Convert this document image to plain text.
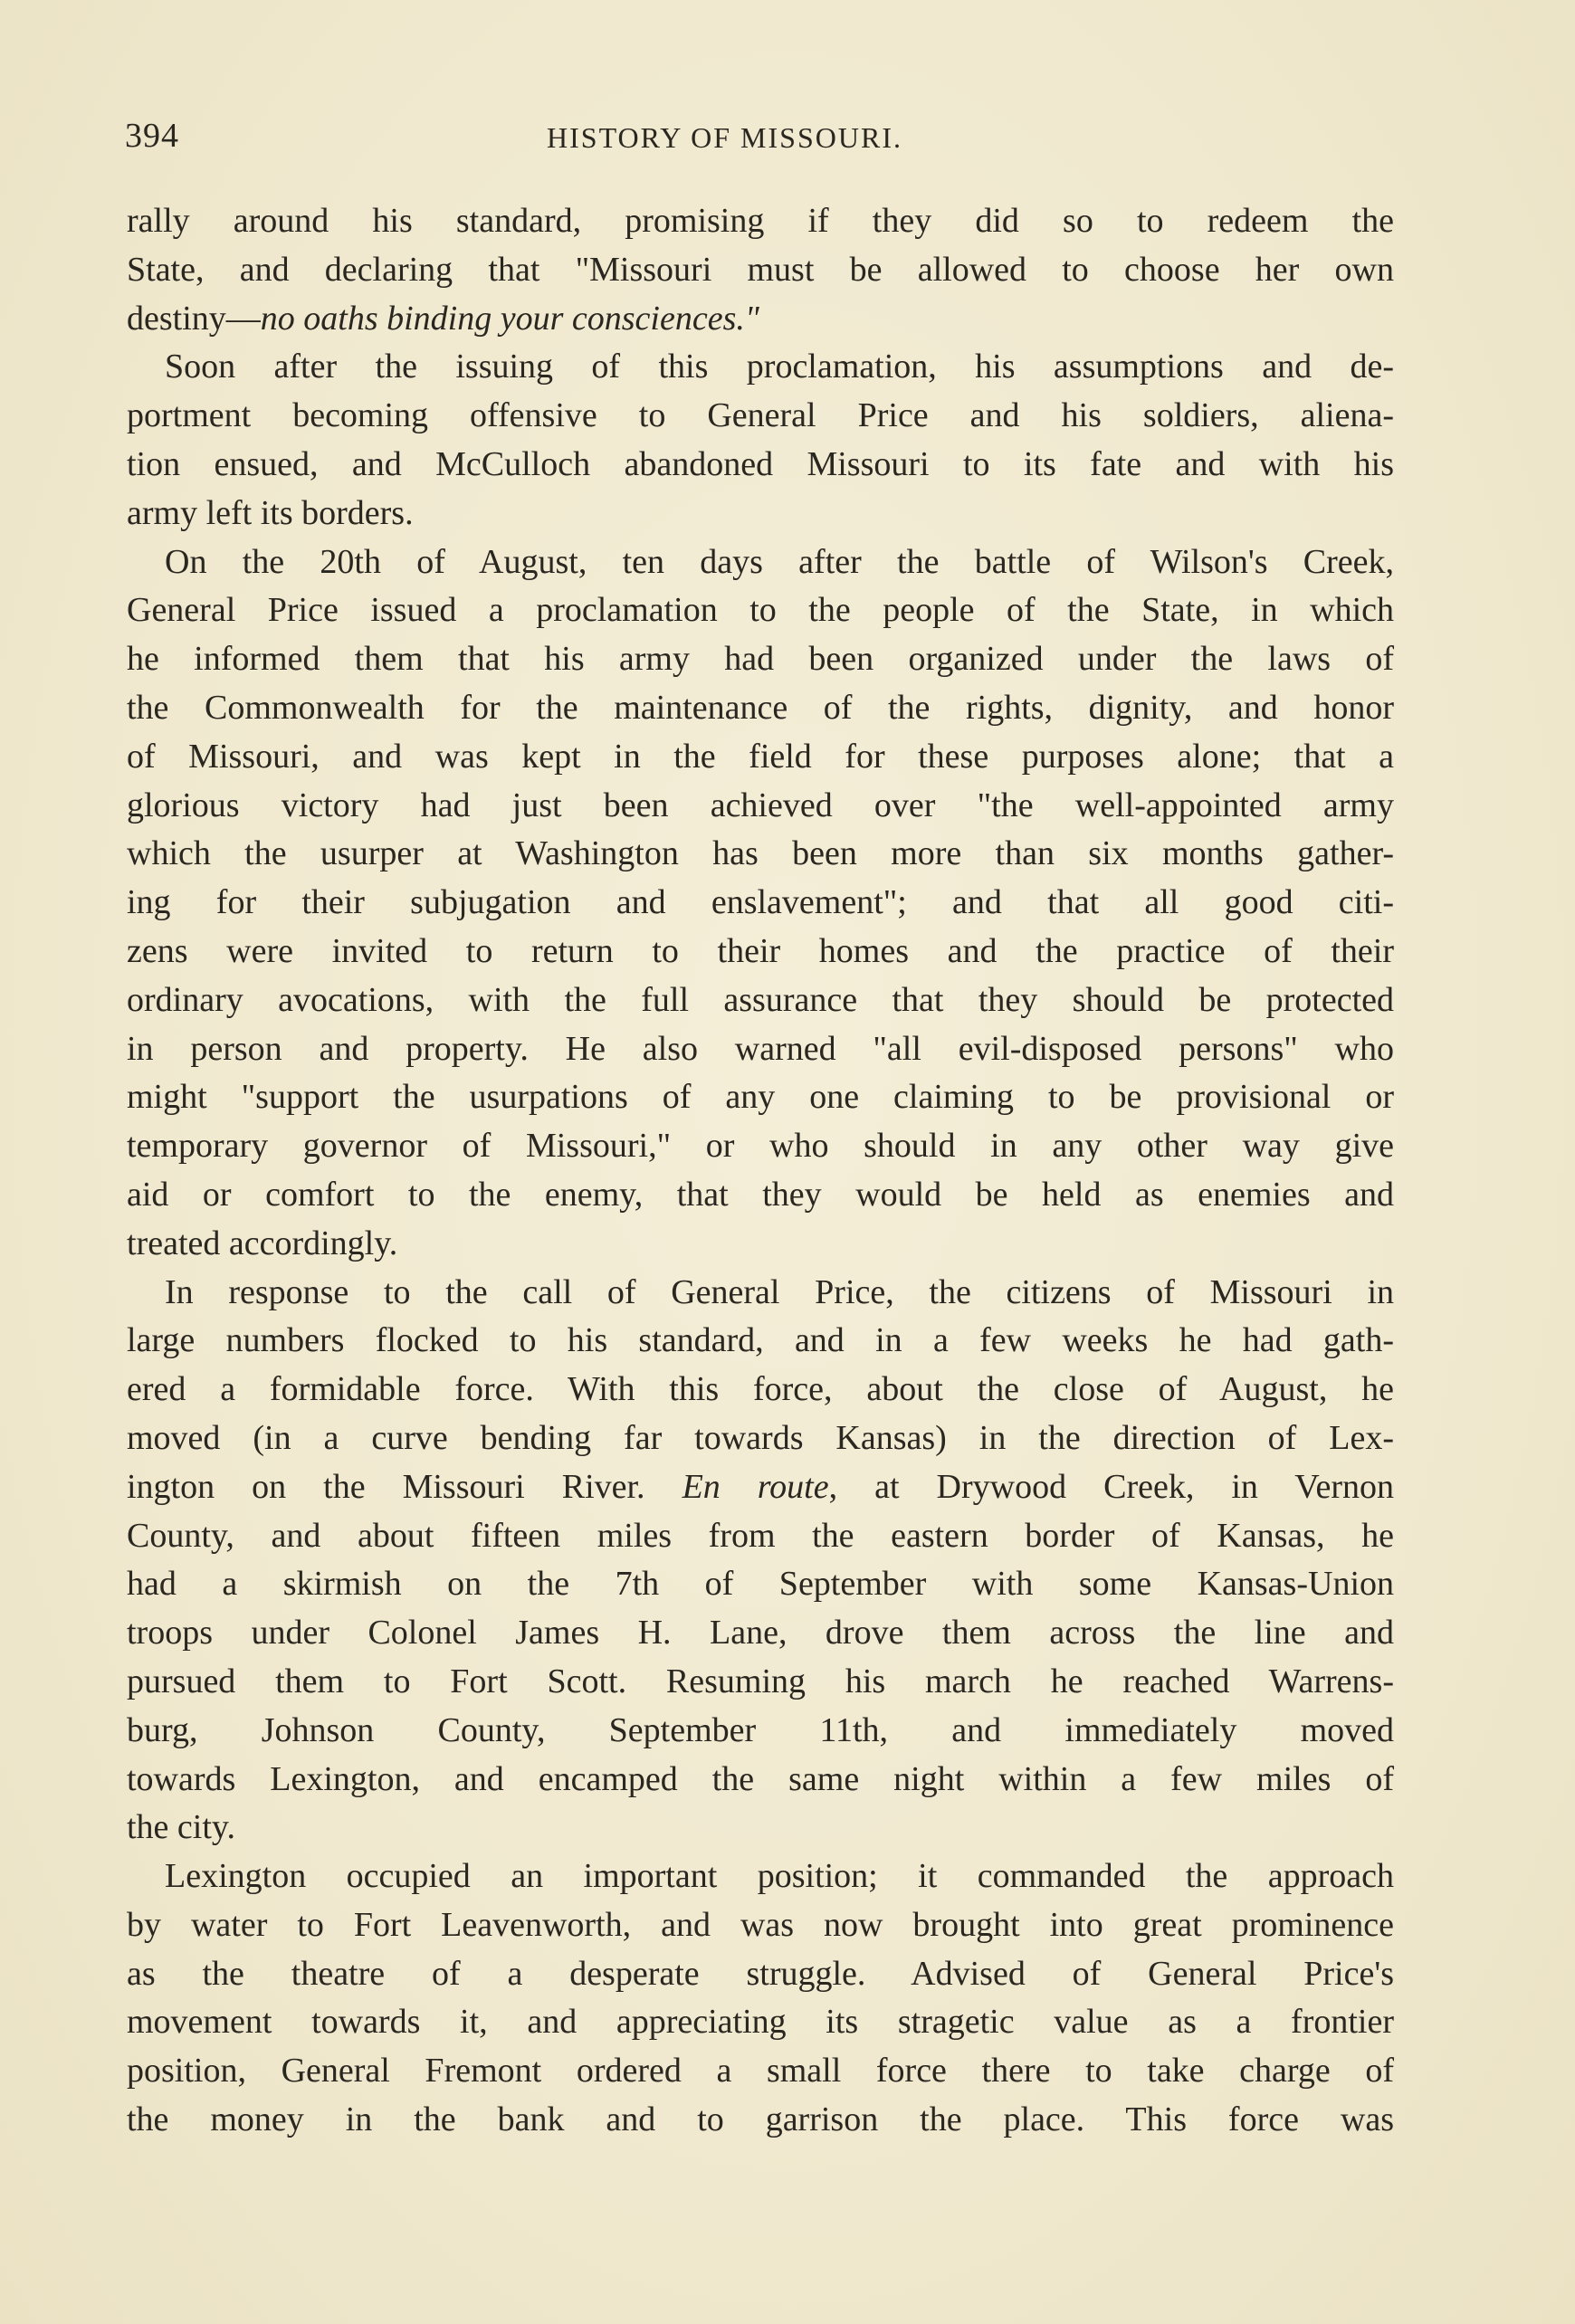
394	HISTORY OF MISSOURI.
rally around his standard, promising if they did so to redeem the
State, and declaring that "Missouri must be allowed to choose her own
destiny—no oaths binding your consciences."
Soon after the issuing of this proclamation, his assumptions and de-
portment becoming offensive to General Price and his soldiers, aliena-
tion ensued, and McCulloch abandoned Missouri to its fate and with his
army left its borders.
On the 20th of August, ten days after the battle of Wilson's Creek,
General Price issued a proclamation to the people of the State, in which
he informed them that his army had been organized under the laws of
the Commonwealth for the maintenance of the rights, dignity, and honor
of Missouri, and was kept in the field for these purposes alone; that a
glorious victory had just been achieved over "the well-appointed army
which the usurper at Washington has been more than six months gather-
ing for their subjugation and enslavement"; and that all good citi-
zens were invited to return to their homes and the practice of their
ordinary avocations, with the full assurance that they should be protected
in person and property. He also warned "all evil-disposed persons" who
might "support the usurpations of any one claiming to be provisional or
temporary governor of Missouri," or who should in any other way give
aid or comfort to the enemy, that they would be held as enemies and
treated accordingly.
In response to the call of General Price, the citizens of Missouri in
large numbers flocked to his standard, and in a few weeks he had gath-
ered a formidable force. With this force, about the close of August, he
moved (in a curve bending far towards Kansas) in the direction of Lex-
ington on the Missouri River. En route, at Drywood Creek, in Vernon
County, and about fifteen miles from the eastern border of Kansas, he
had a skirmish on the 7th of September with some Kansas-Union
troops under Colonel James H. Lane, drove them across the line and
pursued them to Fort Scott. Resuming his march he reached Warrens-
burg, Johnson County, September 11th, and immediately moved
towards Lexington, and encamped the same night within a few miles of
the city.
Lexington occupied an important position; it commanded the approach
by water to Fort Leavenworth, and was now brought into great prominence
as the theatre of a desperate struggle. Advised of General Price's
movement towards it, and appreciating its stragetic value as a frontier
position, General Fremont ordered a small force there to take charge of
the money in the bank and to garrison the place. This force was
